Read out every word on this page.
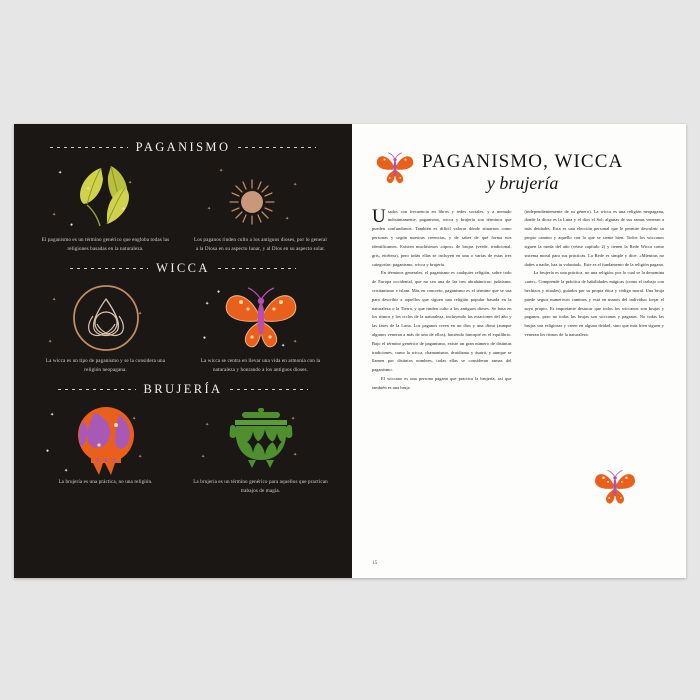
PAGANISMO
✦
✦
●
✦
●
✦
El paganismo es un término genérico que engloba todas las religiones basadas en la naturaleza.
✦
✦
✦
✦
Los paganos rinden culto a los antiguos dioses, por lo general a la Diosa en su aspecto lunar, y al Dios en su aspecto solar.
WICCA
✦
✦
✦
La wicca es un tipo de paganismo y se la considera una religión neopagana.
✦
●
✦
●
✦
✦
La wicca se centra en llevar una vida en armonía con la naturaleza y honrando a los antiguos dioses.
BRUJERÍA
✦
✦
●
✦
✦
La brujería es una práctica, no una religión.
✦
✦
✦	✦
La brujería es un término genérico para aquellos que practican trabajos de magia.
PAGANISMO, WICCA
y brujería

Usados con frecuencia en libros y redes sociales, y a menudo indistintamente, paganismo, wicca y brujería son términos que pueden confundirnos. También es difícil valorar dónde situarnos como personas y según nuestras creencias, y de saber de qué forma nos identificamos. Existen muchísimos «tipos» de brujas (verde, tradicional, gris, etcétera), pero todas ellas se incluyen en una o varias de estas tres categorías: paganismo, wicca y brujería.

En términos generales, el paganismo es cualquier religión, sobre todo de Europa occidental, que no sea una de las tres abrahámicas: judaísmo, cristianismo e islam. Más en concreto, paganismo es el término que se usa para describir a aquellos que siguen una religión popular basada en la naturaleza o la Tierra, y que rinden culto a los antiguos dioses. Se basa en los ritmos y los ciclos de la naturaleza, incluyendo las estaciones del año y las fases de la Luna. Los paganos creen en un dios y una diosa (aunque algunos veneran a más de uno de ellos), haciendo hincapié en el equilibrio. Bajo el término genérico de paganismo, existe un gran número de distintas tradiciones, como la wicca, chamanismo, druidismo y ásatrú, y aunque se llamen por distintos nombres, todas ellas se consideran ramas del paganismo.

El wiccano es una persona pagana que practica la brujería, así que también es una bruja

(independientemente de su género). La wicca es una religión neopagana, donde la diosa es la Luna y el dios el Sol; algunas de sus ramas veneran a más deidades. Esta es una elección personal que le permite descubrir su propio camino y aquello con lo que se siente bien. Todos los wiccanos siguen la rueda del año (véase capítulo 2) y tienen la Rede Wicca como sistema moral para sus prácticas. La Rede es simple y dice: «Mientras no dañes a nadie, haz tu voluntad». Este es el fundamento de la religión pagana.

La brujería es una práctica, no una religión, por lo cual se la denomina «arte». Comprende la práctica de habilidades mágicas (como el trabajo con hechizos y rituales), guiados por su propia ética y código moral. Una bruja puede seguir numerosos caminos y está en manos del individuo forjar el suyo propio. Es importante destacar que todos los wiccanos son brujas y paganos, pero no todas las brujas son wiccanas y paganas. No todas las brujas son religiosas y creen en alguna deidad, sino que más bien siguen y veneran los ritmos de la naturaleza.

15
